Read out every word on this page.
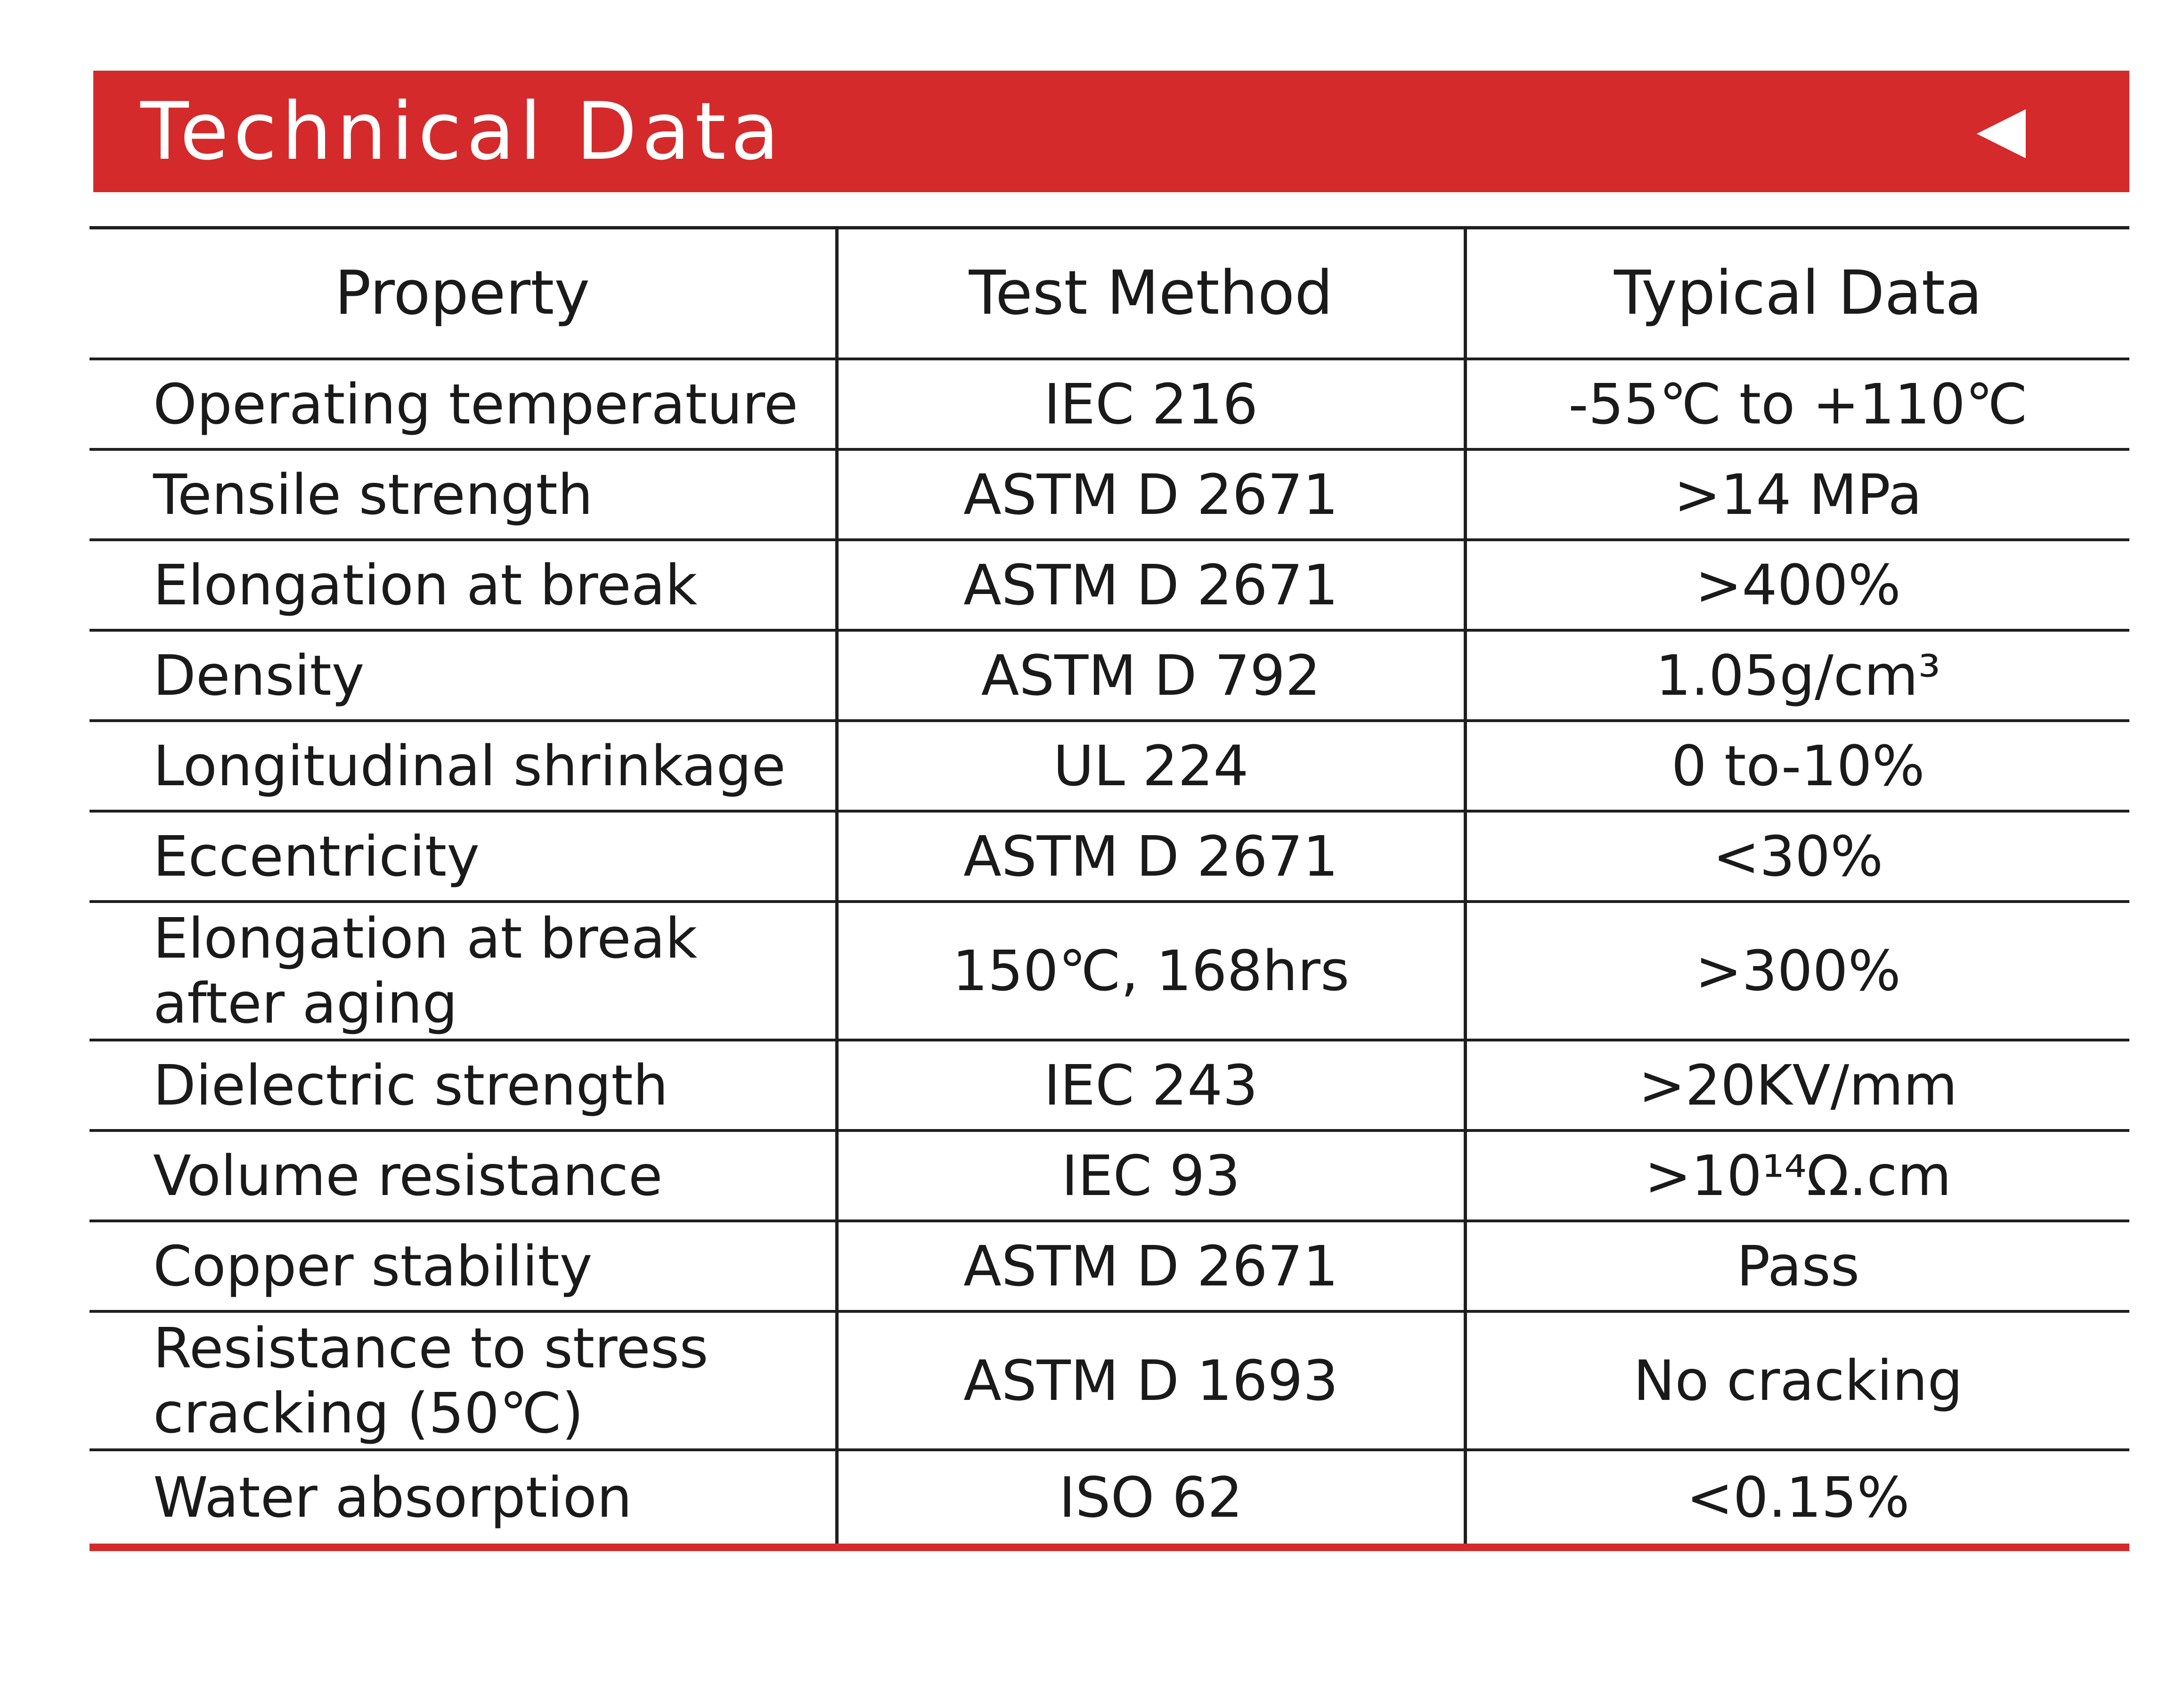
Technical Data
Property	Test Method	Typical Data
Operating temperature	IEC 216	-55℃ to +110℃
Tensile strength	ASTM D 2671	>14 MPa
Elongation at break	ASTM D 2671	>400%
Density	ASTM D 792	1.05g/cm³
Longitudinal shrinkage	UL 224	0 to-10%
Eccentricity	ASTM D 2671	<30%
Elongation at break
after aging	150℃, 168hrs	>300%
Dielectric strength	IEC 243	>20KV/mm
Volume resistance	IEC 93	>10¹⁴Ω.cm
Copper stability	ASTM D 2671	Pass
Resistance to stress
cracking (50℃)	ASTM D 1693	No cracking
Water absorption	ISO 62	<0.15%
